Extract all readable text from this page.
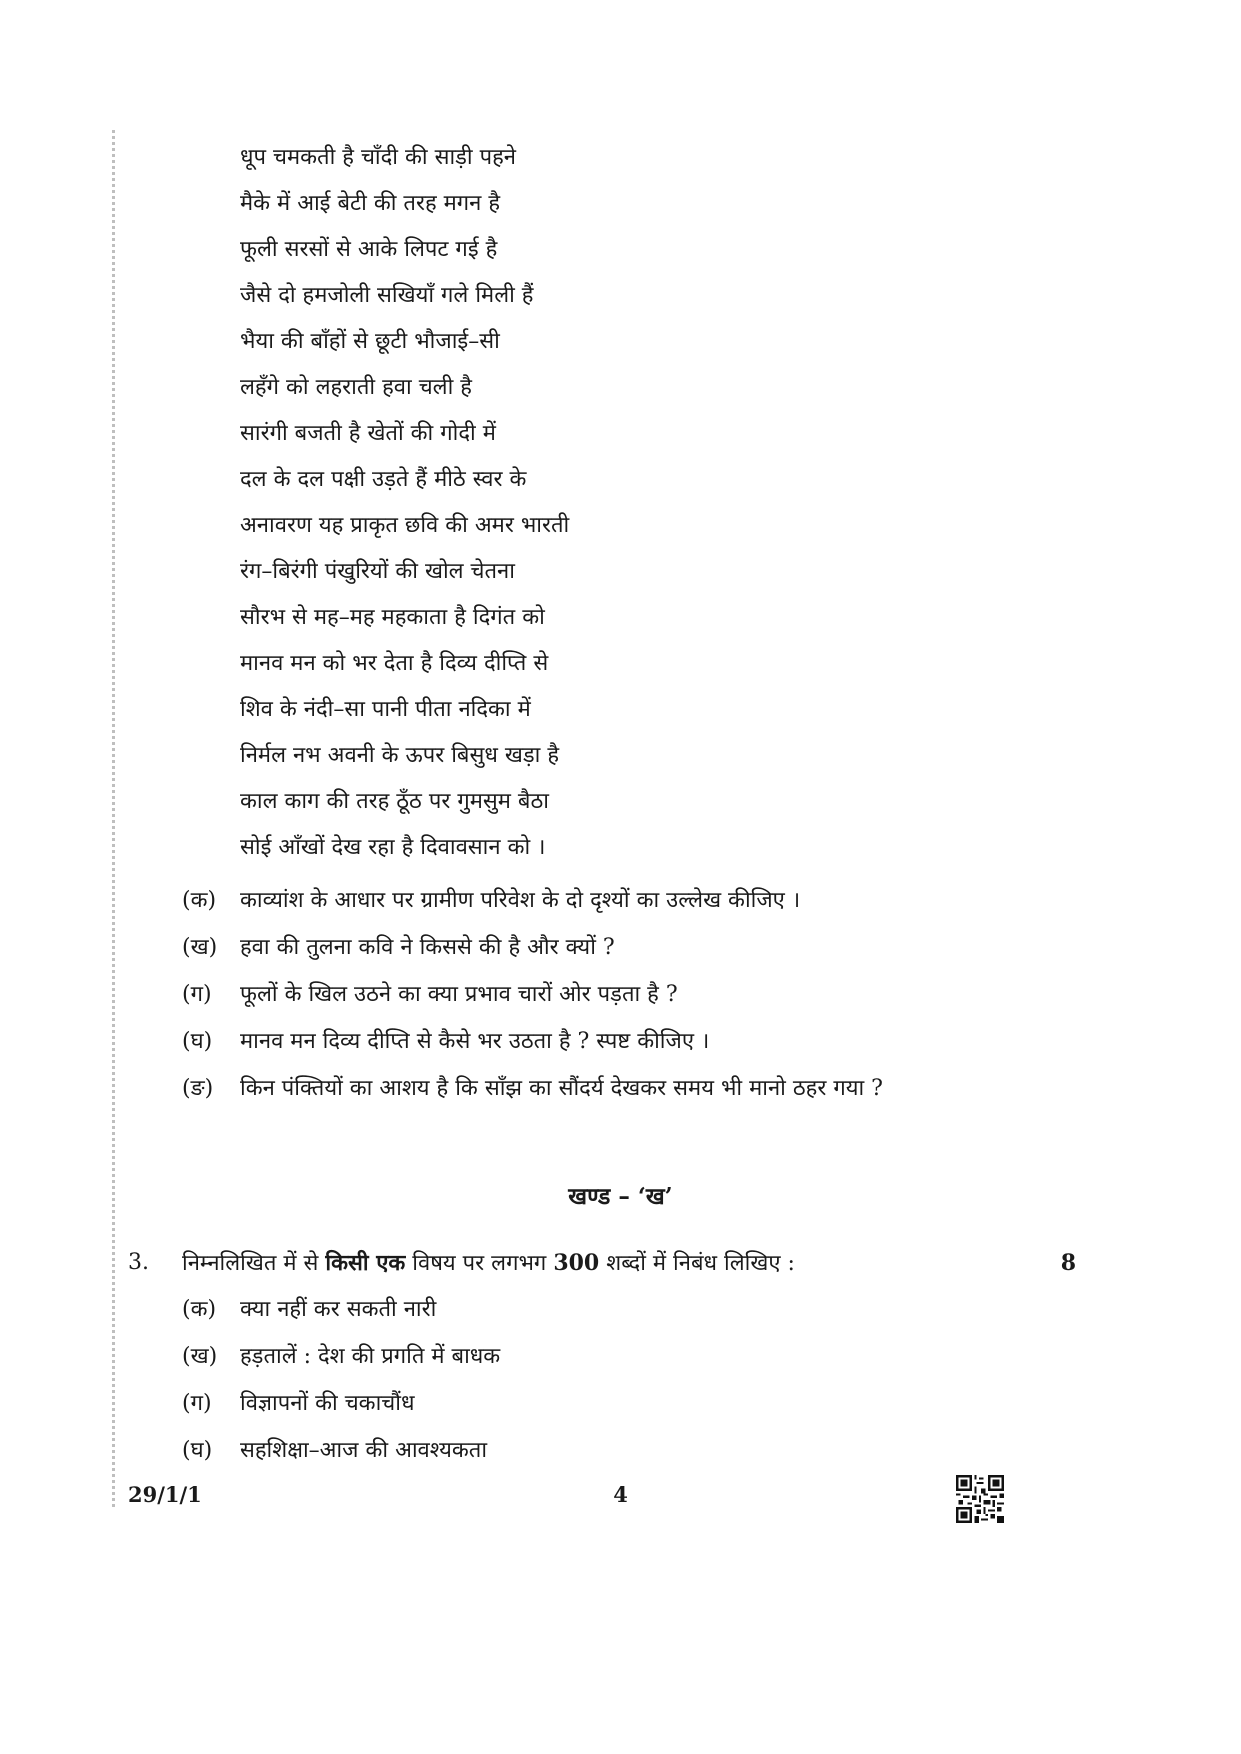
धूप चमकती है चाँदी की साड़ी पहने
मैके में आई बेटी की तरह मगन है
फूली सरसों से आके लिपट गई है
जैसे दो हमजोली सखियाँ गले मिली हैं
भैया की बाँहों से छूटी भौजाई–सी
लहँगे को लहराती हवा चली है
सारंगी बजती है खेतों की गोदी में
दल के दल पक्षी उड़ते हैं मीठे स्वर के
अनावरण यह प्राकृत छवि की अमर भारती
रंग–बिरंगी पंखुरियों की खोल चेतना
सौरभ से मह–मह महकाता है दिगंत को
मानव मन को भर देता है दिव्य दीप्ति से
शिव के नंदी–सा पानी पीता नदिका में
निर्मल नभ अवनी के ऊपर बिसुध खड़ा है
काल काग की तरह ठूँठ पर गुमसुम बैठा
सोई आँखों देख रहा है दिवावसान को ।
(क) काव्यांश के आधार पर ग्रामीण परिवेश के दो दृश्यों का उल्लेख कीजिए ।
(ख) हवा की तुलना कवि ने किससे की है और क्यों ?
(ग) फूलों के खिल उठने का क्या प्रभाव चारों ओर पड़ता है ?
(घ) मानव मन दिव्य दीप्ति से कैसे भर उठता है ? स्पष्ट कीजिए ।
(ङ) किन पंक्तियों का आशय है कि साँझ का सौंदर्य देखकर समय भी मानो ठहर गया ?
खण्ड – ‘ख’
3. निम्नलिखित में से किसी एक विषय पर लगभग 300 शब्दों में निबंध लिखिए :	8
(क) क्या नहीं कर सकती नारी
(ख) हड़तालें : देश की प्रगति में बाधक
(ग) विज्ञापनों की चकाचौंध
(घ) सहशिक्षा–आज की आवश्यकता
29/1/1	4
